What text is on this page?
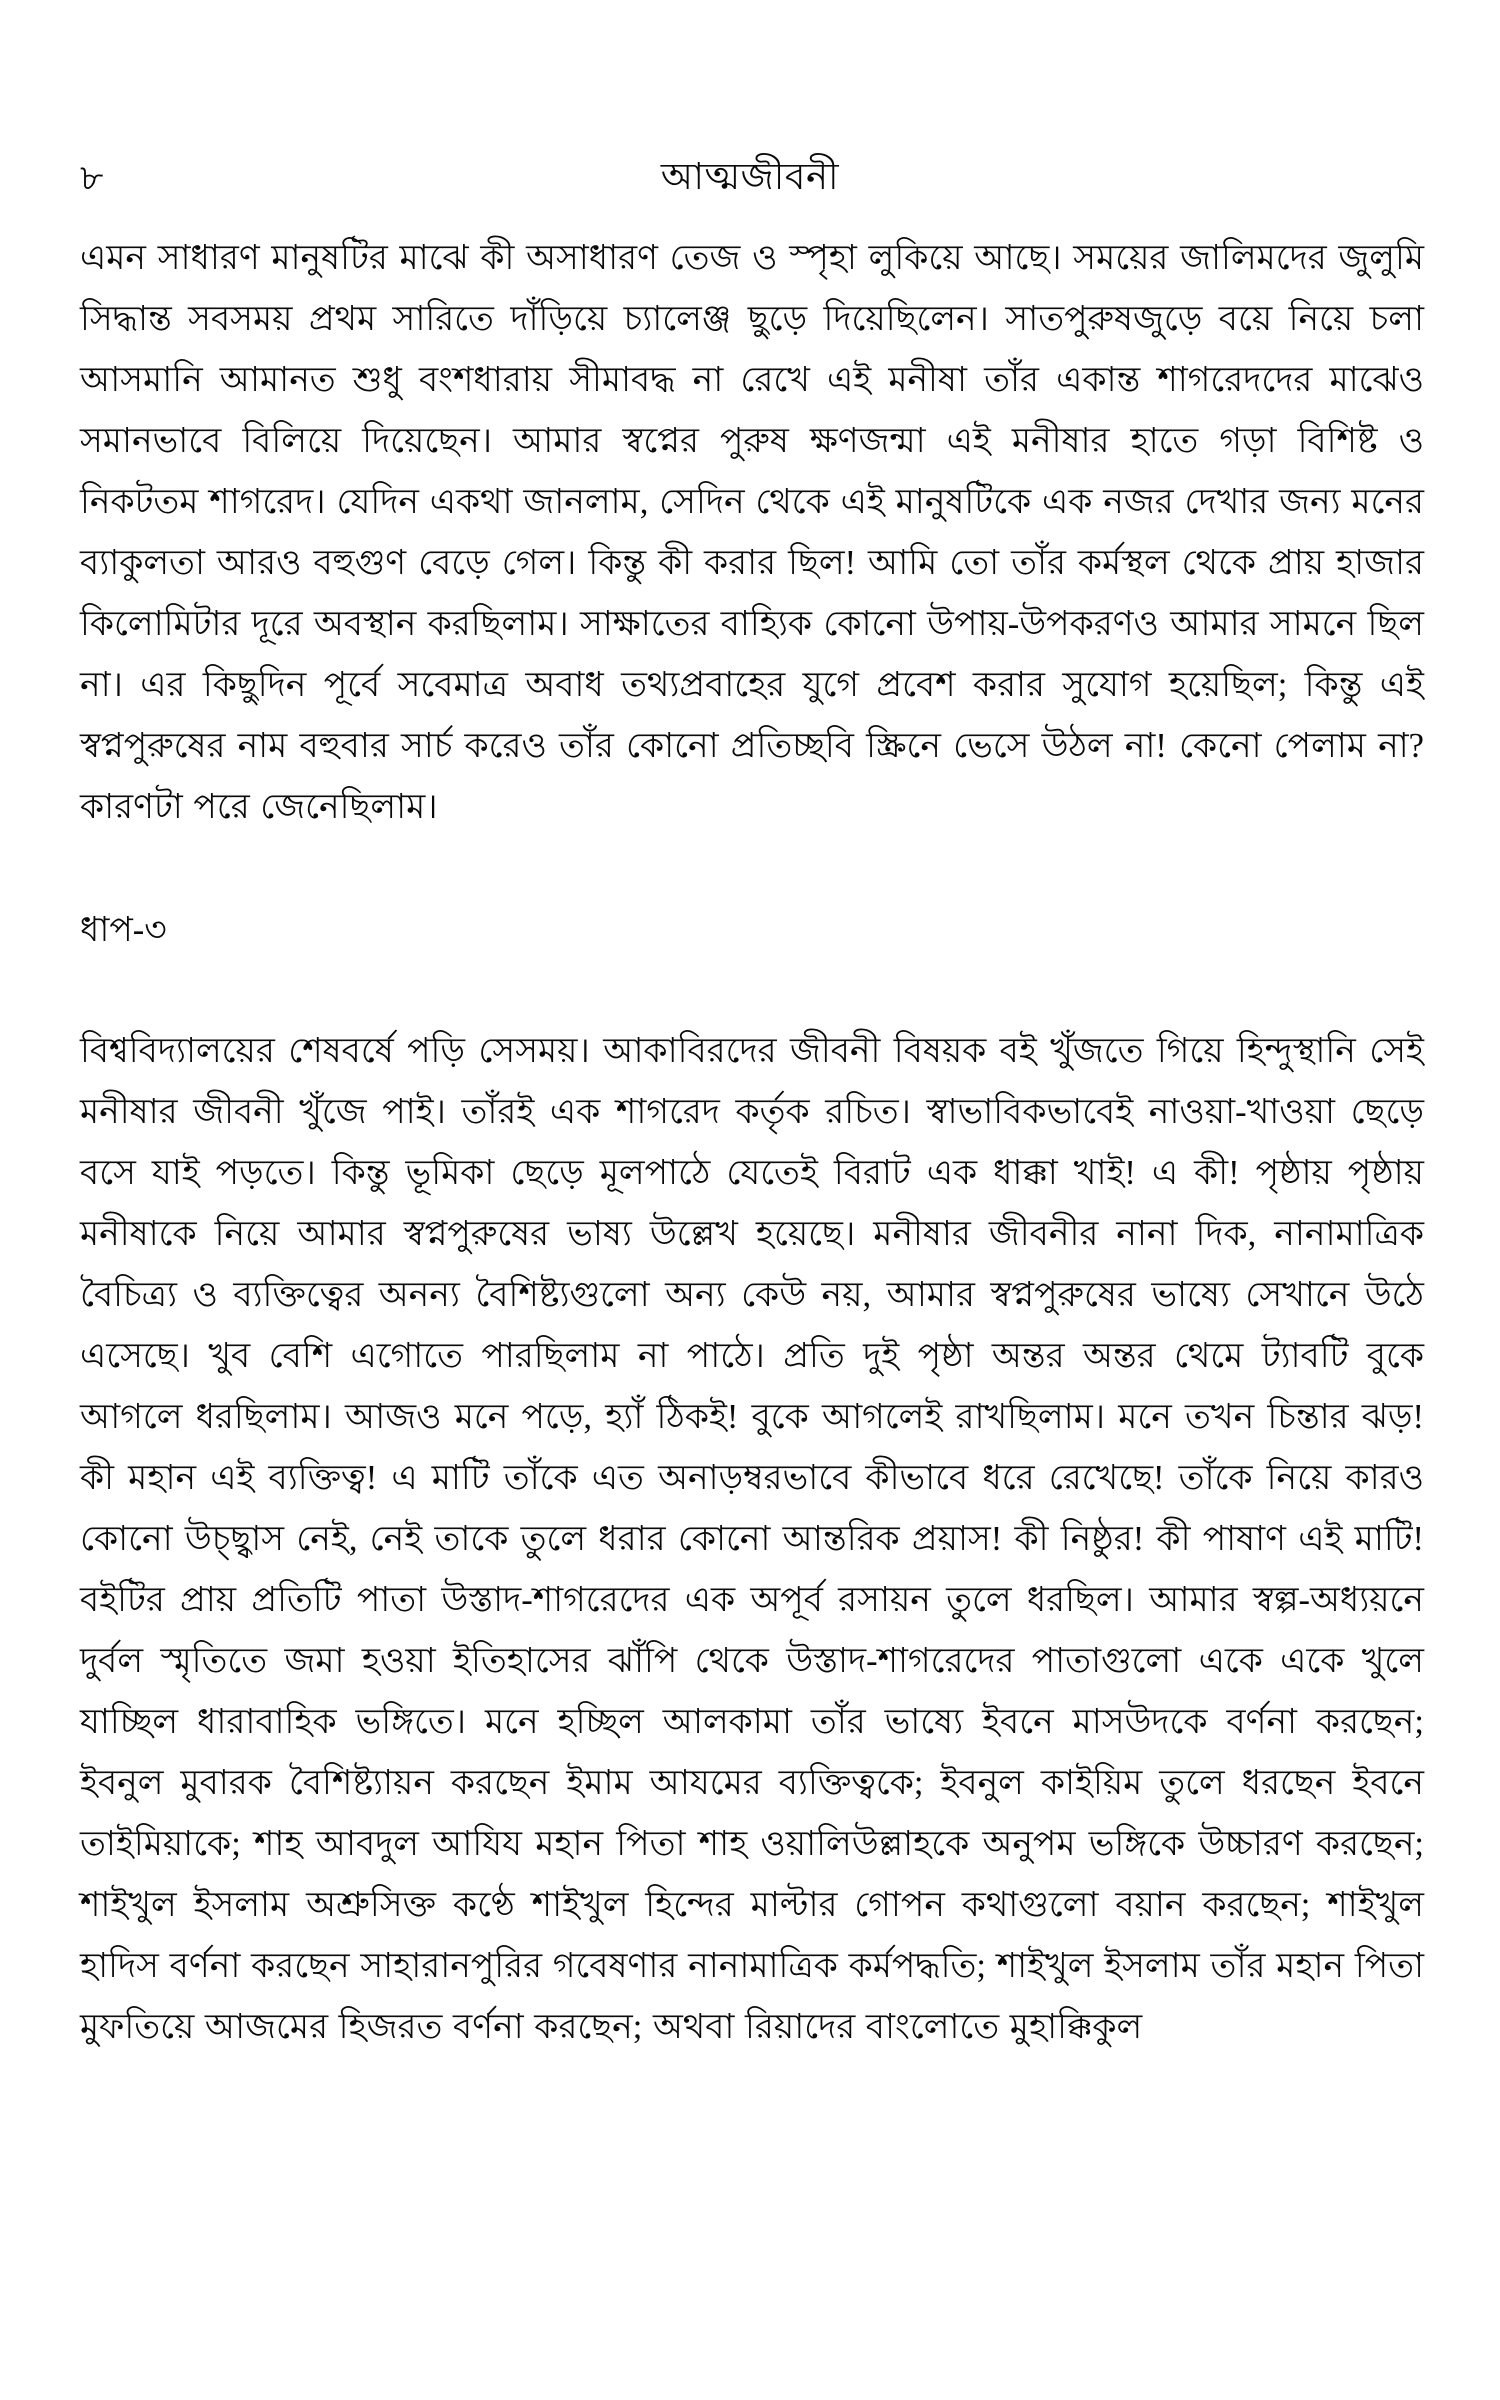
৮	আত্মজীবনী

এমন সাধারণ মানুষটির মাঝে কী অসাধারণ তেজ ও স্পৃহা লুকিয়ে আছে। সময়ের জালিমদের জুলুমি সিদ্ধান্ত সবসময় প্রথম সারিতে দাঁড়িয়ে চ্যালেঞ্জ ছুড়ে দিয়েছিলেন। সাতপুরুষজুড়ে বয়ে নিয়ে চলা আসমানি আমানত শুধু বংশধারায় সীমাবদ্ধ না রেখে এই মনীষা তাঁর একান্ত শাগরেদদের মাঝেও সমানভাবে বিলিয়ে দিয়েছেন। আমার স্বপ্নের পুরুষ ক্ষণজন্মা এই মনীষার হাতে গড়া বিশিষ্ট ও নিকটতম শাগরেদ। যেদিন একথা জানলাম, সেদিন থেকে এই মানুষটিকে এক নজর দেখার জন্য মনের ব্যাকুলতা আরও বহুগুণ বেড়ে গেল। কিন্তু কী করার ছিল! আমি তো তাঁর কর্মস্থল থেকে প্রায় হাজার কিলোমিটার দূরে অবস্থান করছিলাম। সাক্ষাতের বাহ্যিক কোনো উপায়-উপকরণও আমার সামনে ছিল না। এর কিছুদিন পূর্বে সবেমাত্র অবাধ তথ্যপ্রবাহের যুগে প্রবেশ করার সুযোগ হয়েছিল; কিন্তু এই স্বপ্নপুরুষের নাম বহুবার সার্চ করেও তাঁর কোনো প্রতিচ্ছবি স্ক্রিনে ভেসে উঠল না! কেনো পেলাম না? কারণটা পরে জেনেছিলাম।

ধাপ-৩

বিশ্ববিদ্যালয়ের শেষবর্ষে পড়ি সেসময়। আকাবিরদের জীবনী বিষয়ক বই খুঁজতে গিয়ে হিন্দুস্থানি সেই মনীষার জীবনী খুঁজে পাই। তাঁরই এক শাগরেদ কর্তৃক রচিত। স্বাভাবিকভাবেই নাওয়া-খাওয়া ছেড়ে বসে যাই পড়তে। কিন্তু ভূমিকা ছেড়ে মূলপাঠে যেতেই বিরাট এক ধাক্কা খাই! এ কী! পৃষ্ঠায় পৃষ্ঠায় মনীষাকে নিয়ে আমার স্বপ্নপুরুষের ভাষ্য উল্লেখ হয়েছে। মনীষার জীবনীর নানা দিক, নানামাত্রিক বৈচিত্র্য ও ব্যক্তিত্বের অনন্য বৈশিষ্ট্যগুলো অন্য কেউ নয়, আমার স্বপ্নপুরুষের ভাষ্যে সেখানে উঠে এসেছে। খুব বেশি এগোতে পারছিলাম না পাঠে। প্রতি দুই পৃষ্ঠা অন্তর অন্তর থেমে ট্যাবটি বুকে আগলে ধরছিলাম। আজও মনে পড়ে, হ্যাঁ ঠিকই! বুকে আগলেই রাখছিলাম। মনে তখন চিন্তার ঝড়! কী মহান এই ব্যক্তিত্ব! এ মাটি তাঁকে এত অনাড়ম্বরভাবে কীভাবে ধরে রেখেছে! তাঁকে নিয়ে কারও কোনো উচ্ছ্বাস নেই, নেই তাকে তুলে ধরার কোনো আন্তরিক প্রয়াস! কী নিষ্ঠুর! কী পাষাণ এই মাটি! বইটির প্রায় প্রতিটি পাতা উস্তাদ-শাগরেদের এক অপূর্ব রসায়ন তুলে ধরছিল। আমার স্বল্প-অধ্যয়নে দুর্বল স্মৃতিতে জমা হওয়া ইতিহাসের ঝাঁপি থেকে উস্তাদ-শাগরেদের পাতাগুলো একে একে খুলে যাচ্ছিল ধারাবাহিক ভঙ্গিতে। মনে হচ্ছিল আলকামা তাঁর ভাষ্যে ইবনে মাসউদকে বর্ণনা করছেন; ইবনুল মুবারক বৈশিষ্ট্যায়ন করছেন ইমাম আযমের ব্যক্তিত্বকে; ইবনুল কাইয়িম তুলে ধরছেন ইবনে তাইমিয়াকে; শাহ আবদুল আযিয মহান পিতা শাহ ওয়ালিউল্লাহকে অনুপম ভঙ্গিকে উচ্চারণ করছেন; শাইখুল ইসলাম অশ্রুসিক্ত কণ্ঠে শাইখুল হিন্দের মাল্টার গোপন কথাগুলো বয়ান করছেন; শাইখুল হাদিস বর্ণনা করছেন সাহারানপুরির গবেষণার নানামাত্রিক কর্মপদ্ধতি; শাইখুল ইসলাম তাঁর মহান পিতা মুফতিয়ে আজমের হিজরত বর্ণনা করছেন; অথবা রিয়াদের বাংলোতে মুহাক্কিকুল
